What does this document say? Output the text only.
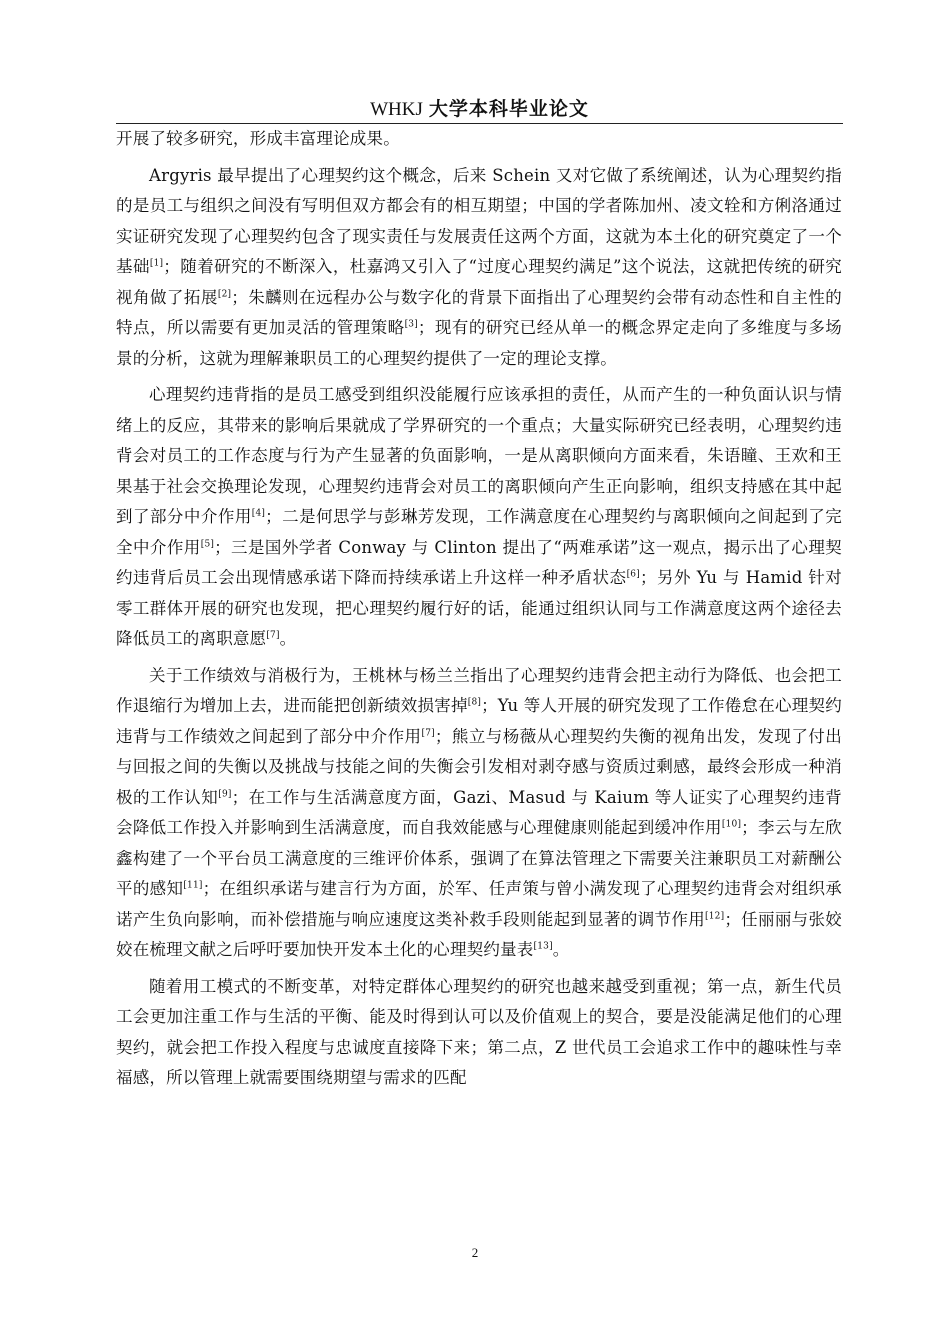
WHKJ 大学本科毕业论文

开展了较多研究，形成丰富理论成果。

Argyris 最早提出了心理契约这个概念，后来 Schein 又对它做了系统阐述，认为心理契约指的是员工与组织之间没有写明但双方都会有的相互期望；中国的学者陈加州、凌文辁和方俐洛通过实证研究发现了心理契约包含了现实责任与发展责任这两个方面，这就为本土化的研究奠定了一个基础[1]；随着研究的不断深入，杜嘉鸿又引入了“过度心理契约满足”这个说法，这就把传统的研究视角做了拓展[2]；朱麟则在远程办公与数字化的背景下面指出了心理契约会带有动态性和自主性的特点，所以需要有更加灵活的管理策略[3]；现有的研究已经从单一的概念界定走向了多维度与多场景的分析，这就为理解兼职员工的心理契约提供了一定的理论支撑。

心理契约违背指的是员工感受到组织没能履行应该承担的责任，从而产生的一种负面认识与情绪上的反应，其带来的影响后果就成了学界研究的一个重点；大量实际研究已经表明，心理契约违背会对员工的工作态度与行为产生显著的负面影响，一是从离职倾向方面来看，朱语瞳、王欢和王果基于社会交换理论发现，心理契约违背会对员工的离职倾向产生正向影响，组织支持感在其中起到了部分中介作用[4]；二是何思学与彭琳芳发现，工作满意度在心理契约与离职倾向之间起到了完全中介作用[5]；三是国外学者 Conway 与 Clinton 提出了“两难承诺”这一观点，揭示出了心理契约违背后员工会出现情感承诺下降而持续承诺上升这样一种矛盾状态[6]；另外 Yu 与 Hamid 针对零工群体开展的研究也发现，把心理契约履行好的话，能通过组织认同与工作满意度这两个途径去降低员工的离职意愿[7]。

关于工作绩效与消极行为，王桃林与杨兰兰指出了心理契约违背会把主动行为降低、也会把工作退缩行为增加上去，进而能把创新绩效损害掉[8]；Yu 等人开展的研究发现了工作倦怠在心理契约违背与工作绩效之间起到了部分中介作用[7]；熊立与杨薇从心理契约失衡的视角出发，发现了付出与回报之间的失衡以及挑战与技能之间的失衡会引发相对剥夺感与资质过剩感，最终会形成一种消极的工作认知[9]；在工作与生活满意度方面，Gazi、Masud 与 Kaium 等人证实了心理契约违背会降低工作投入并影响到生活满意度，而自我效能感与心理健康则能起到缓冲作用[10]；李云与左欣鑫构建了一个平台员工满意度的三维评价体系，强调了在算法管理之下需要关注兼职员工对薪酬公平的感知[11]；在组织承诺与建言行为方面，於军、任声策与曾小满发现了心理契约违背会对组织承诺产生负向影响，而补偿措施与响应速度这类补救手段则能起到显著的调节作用[12]；任丽丽与张姣姣在梳理文献之后呼吁要加快开发本土化的心理契约量表[13]。

随着用工模式的不断变革，对特定群体心理契约的研究也越来越受到重视；第一点，新生代员工会更加注重工作与生活的平衡、能及时得到认可以及价值观上的契合，要是没能满足他们的心理契约，就会把工作投入程度与忠诚度直接降下来；第二点，Z 世代员工会追求工作中的趣味性与幸福感，所以管理上就需要围绕期望与需求的匹配

2
